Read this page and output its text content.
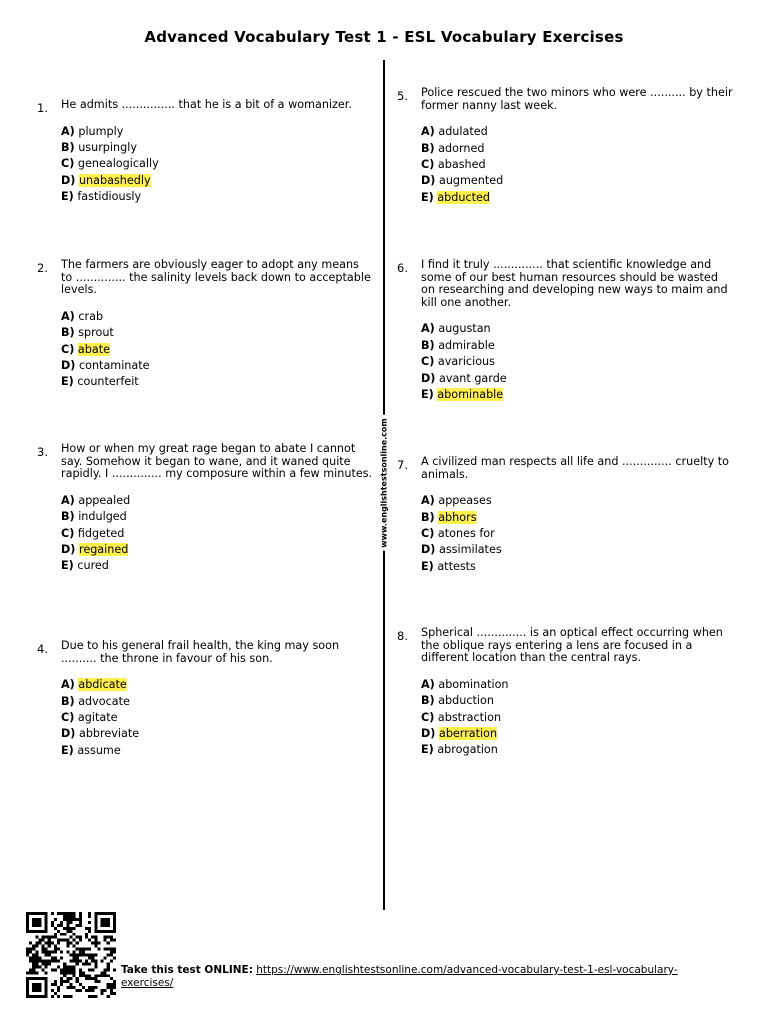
Advanced Vocabulary Test 1 - ESL Vocabulary Exercises
www.englishtestsonline.com
1. He admits ............... that he is a bit of a womanizer.

A) plumply
B) usurpingly
C) genealogically
D) unabashedly
E) fastidiously
2. The farmers are obviously eager to adopt any means to .............. the salinity levels back down to acceptable levels.

A) crab
B) sprout
C) abate
D) contaminate
E) counterfeit
3. How or when my great rage began to abate I cannot say. Somehow it began to wane, and it waned quite rapidly. I .............. my composure within a few minutes.

A) appealed
B) indulged
C) fidgeted
D) regained
E) cured
4. Due to his general frail health, the king may soon .......... the throne in favour of his son.

A) abdicate
B) advocate
C) agitate
D) abbreviate
E) assume
5. Police rescued the two minors who were .......... by their former nanny last week.

A) adulated
B) adorned
C) abashed
D) augmented
E) abducted
6. I find it truly .............. that scientific knowledge and some of our best human resources should be wasted on researching and developing new ways to maim and kill one another.

A) augustan
B) admirable
C) avaricious
D) avant garde
E) abominable
7. A civilized man respects all life and .............. cruelty to animals.

A) appeases
B) abhors
C) atones for
D) assimilates
E) attests
8. Spherical .............. is an optical effect occurring when the oblique rays entering a lens are focused in a different location than the central rays.

A) abomination
B) abduction
C) abstraction
D) aberration
E) abrogation
Take this test ONLINE: https://www.englishtestsonline.com/advanced-vocabulary-test-1-esl-vocabulary-exercises/
